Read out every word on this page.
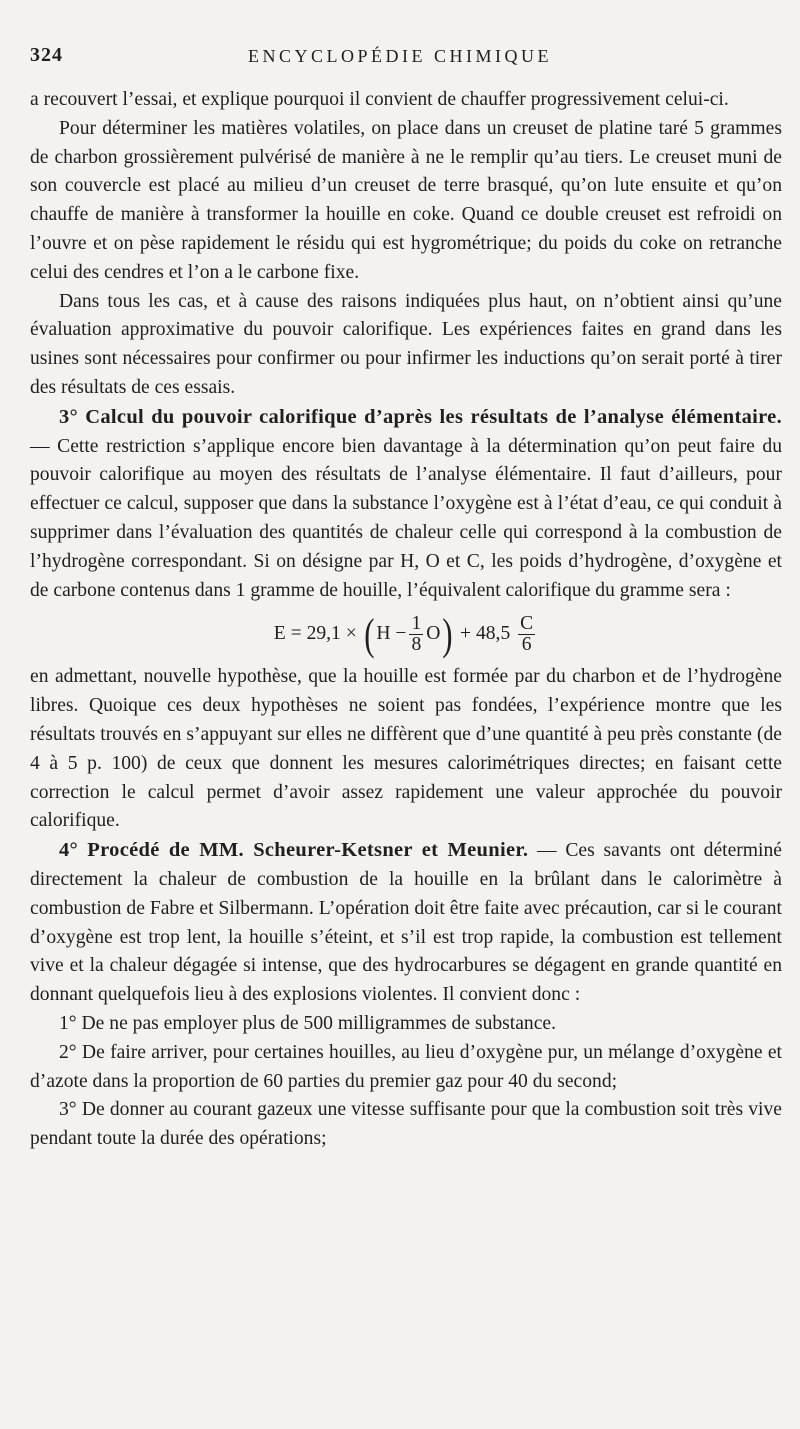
324	ENCYCLOPÉDIE CHIMIQUE

a recouvert l’essai, et explique pourquoi il convient de chauffer progressivement celui-ci.

Pour déterminer les matières volatiles, on place dans un creuset de platine taré 5 grammes de charbon grossièrement pulvérisé de manière à ne le remplir qu’au tiers. Le creuset muni de son couvercle est placé au milieu d’un creuset de terre brasqué, qu’on lute ensuite et qu’on chauffe de manière à transformer la houille en coke. Quand ce double creuset est refroidi on l’ouvre et on pèse rapidement le résidu qui est hygrométrique; du poids du coke on retranche celui des cendres et l’on a le carbone fixe.

Dans tous les cas, et à cause des raisons indiquées plus haut, on n’obtient ainsi qu’une évaluation approximative du pouvoir calorifique. Les expériences faites en grand dans les usines sont nécessaires pour confirmer ou pour infirmer les inductions qu’on serait porté à tirer des résultats de ces essais.

3° Calcul du pouvoir calorifique d’après les résultats de l’analyse élémentaire. — Cette restriction s’applique encore bien davantage à la détermination qu’on peut faire du pouvoir calorifique au moyen des résultats de l’analyse élémentaire. Il faut d’ailleurs, pour effectuer ce calcul, supposer que dans la substance l’oxygène est à l’état d’eau, ce qui conduit à supprimer dans l’évaluation des quantités de chaleur celle qui correspond à la combustion de l’hydrogène correspondant. Si on désigne par H, O et C, les poids d’hydrogène, d’oxygène et de carbone contenus dans 1 gramme de houille, l’équivalent calorifique du gramme sera :

E = 29,1 × ( $H - \frac{1}{8} O) + 48,5 \frac{C}{6}$

en admettant, nouvelle hypothèse, que la houille est formée par du charbon et de l’hydrogène libres. Quoique ces deux hypothèses ne soient pas fondées, l’expérience montre que les résultats trouvés en s’appuyant sur elles ne diffèrent que d’une quantité à peu près constante (de 4 à 5 p. 100) de ceux que donnent les mesures calorimétriques directes; en faisant cette correction le calcul permet d’avoir assez rapidement une valeur approchée du pouvoir calorifique.

4° Procédé de MM. Scheurer-Ketsner et Meunier. — Ces savants ont déterminé directement la chaleur de combustion de la houille en la brûlant dans le calorimètre à combustion de Fabre et Silbermann. L’opération doit être faite avec précaution, car si le courant d’oxygène est trop lent, la houille s’éteint, et s’il est trop rapide, la combustion est tellement vive et la chaleur dégagée si intense, que des hydrocarbures se dégagent en grande quantité en donnant quelquefois lieu à des explosions violentes. Il convient donc :

1° De ne pas employer plus de 500 milligrammes de substance.

2° De faire arriver, pour certaines houilles, au lieu d’oxygène pur, un mélange d’oxygène et d’azote dans la proportion de 60 parties du premier gaz pour 40 du second;

3° De donner au courant gazeux une vitesse suffisante pour que la combustion soit très vive pendant toute la durée des opérations;
